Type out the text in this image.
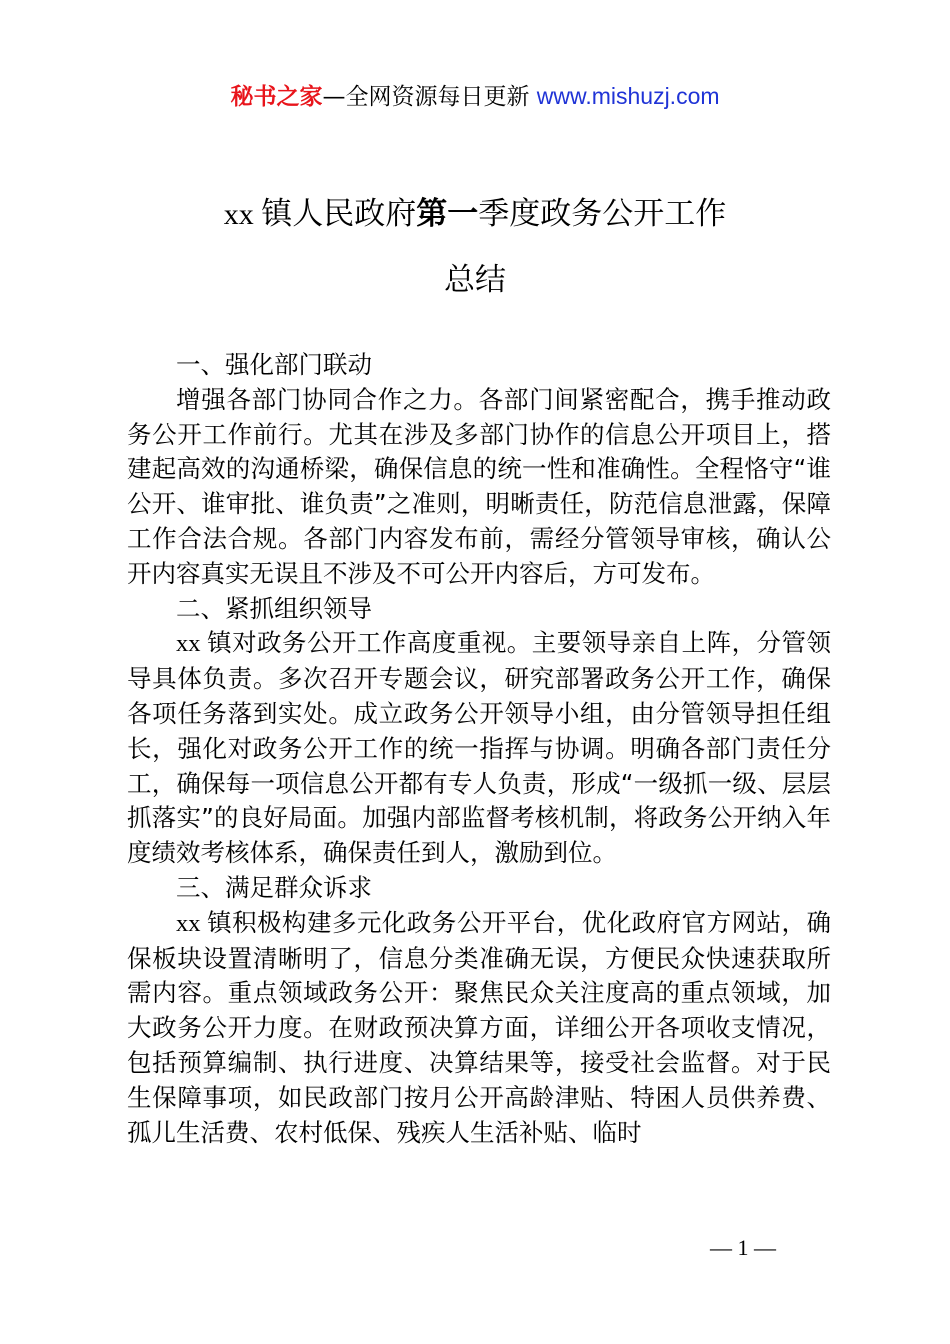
秘书之家—全网资源每日更新 www.mishuzj.com
xx 镇人民政府第一季度政务公开工作
总结

一、强化部门联动

增强各部门协同合作之力。各部门间紧密配合，携手推动政务公开工作前行。尤其在涉及多部门协作的信息公开项目上，搭建起高效的沟通桥梁，确保信息的统一性和准确性。全程恪守“谁公开、谁审批、谁负责”之准则，明晰责任，防范信息泄露，保障工作合法合规。各部门内容发布前，需经分管领导审核，确认公开内容真实无误且不涉及不可公开内容后，方可发布。

二、紧抓组织领导

xx 镇对政务公开工作高度重视。主要领导亲自上阵，分管领导具体负责。多次召开专题会议，研究部署政务公开工作，确保各项任务落到实处。成立政务公开领导小组，由分管领导担任组长，强化对政务公开工作的统一指挥与协调。明确各部门责任分工，确保每一项信息公开都有专人负责，形成“一级抓一级、层层抓落实”的良好局面。加强内部监督考核机制，将政务公开纳入年度绩效考核体系，确保责任到人，激励到位。

三、满足群众诉求

xx 镇积极构建多元化政务公开平台，优化政府官方网站，确保板块设置清晰明了，信息分类准确无误，方便民众快速获取所需内容。重点领域政务公开：聚焦民众关注度高的重点领域，加大政务公开力度。在财政预决算方面，详细公开各项收支情况，包括预算编制、执行进度、决算结果等，接受社会监督。对于民生保障事项，如民政部门按月公开高龄津贴、特困人员供养费、孤儿生活费、农村低保、残疾人生活补贴、临时

— 1 —
